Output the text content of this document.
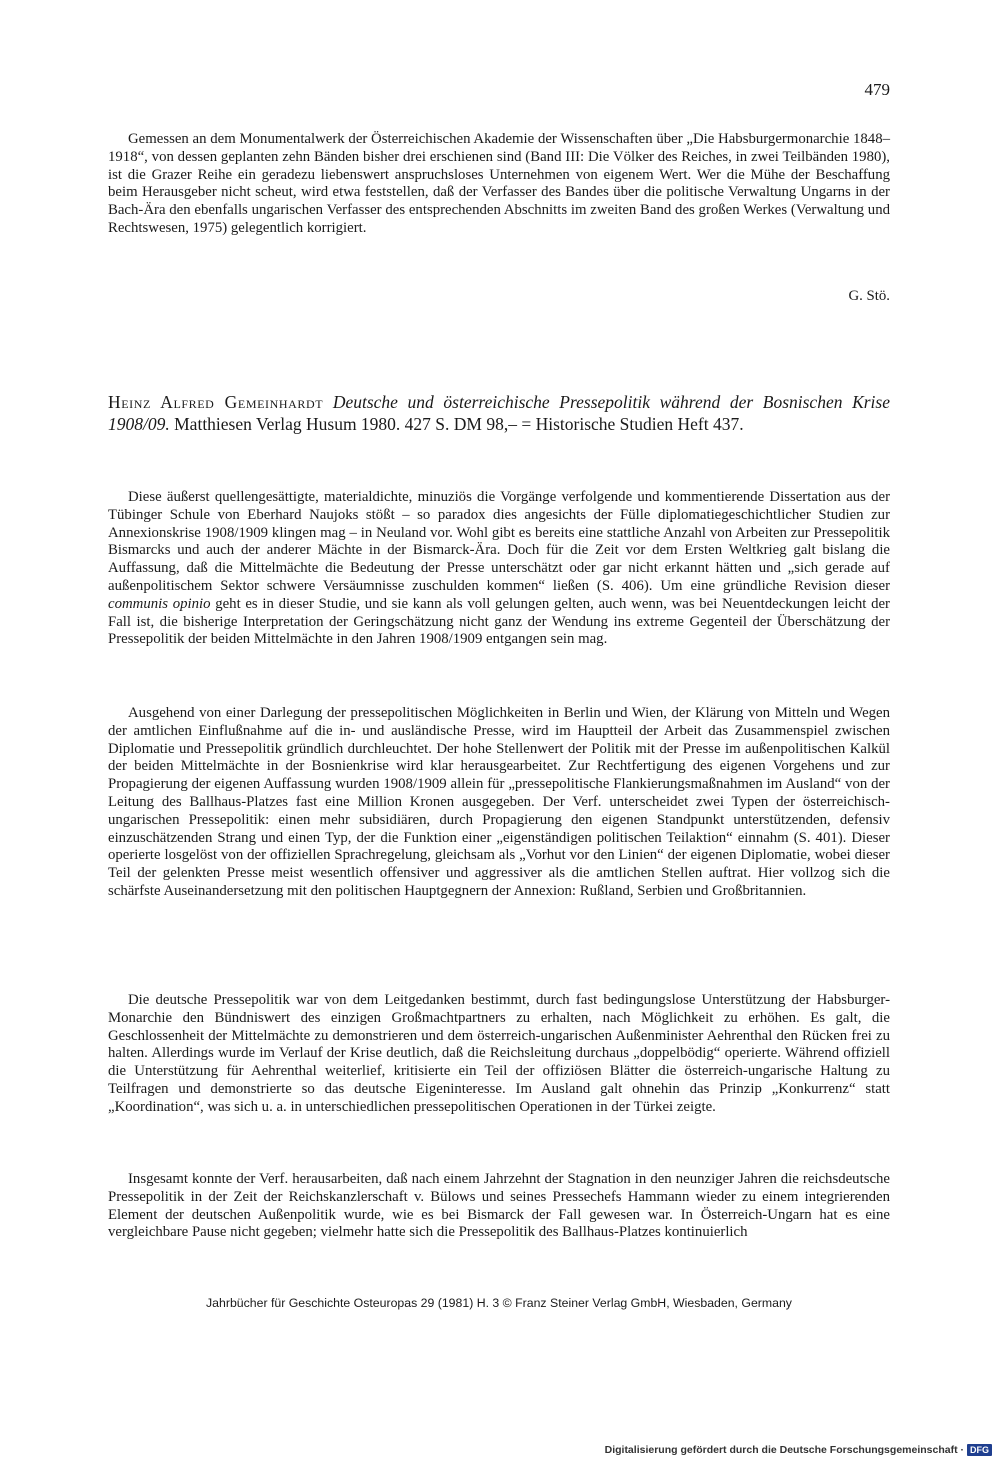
479

Gemessen an dem Monumentalwerk der Österreichischen Akademie der Wissenschaften über „Die Habsburgermonarchie 1848–1918“, von dessen geplanten zehn Bänden bisher drei erschienen sind (Band III: Die Völker des Reiches, in zwei Teilbänden 1980), ist die Grazer Reihe ein geradezu liebenswert anspruchsloses Unternehmen von eigenem Wert. Wer die Mühe der Beschaffung beim Herausgeber nicht scheut, wird etwa feststellen, daß der Verfasser des Bandes über die politische Verwaltung Ungarns in der Bach-Ära den ebenfalls ungarischen Verfasser des entsprechenden Abschnitts im zweiten Band des großen Werkes (Verwaltung und Rechtswesen, 1975) gelegentlich korrigiert.

G. Stö.

Heinz Alfred Gemeinhardt Deutsche und österreichische Pressepolitik während der Bosnischen Krise 1908/09. Matthiesen Verlag Husum 1980. 427 S. DM 98,– = Historische Studien Heft 437.

Diese äußerst quellengesättigte, materialdichte, minuziös die Vorgänge verfolgende und kommentierende Dissertation aus der Tübinger Schule von Eberhard Naujoks stößt – so paradox dies angesichts der Fülle diplomatiegeschichtlicher Studien zur Annexionskrise 1908/1909 klingen mag – in Neuland vor. Wohl gibt es bereits eine stattliche Anzahl von Arbeiten zur Pressepolitik Bismarcks und auch der anderer Mächte in der Bismarck-Ära. Doch für die Zeit vor dem Ersten Weltkrieg galt bislang die Auffassung, daß die Mittelmächte die Bedeutung der Presse unterschätzt oder gar nicht erkannt hätten und „sich gerade auf außenpolitischem Sektor schwere Versäumnisse zuschulden kommen“ ließen (S. 406). Um eine gründliche Revision dieser communis opinio geht es in dieser Studie, und sie kann als voll gelungen gelten, auch wenn, was bei Neuentdeckungen leicht der Fall ist, die bisherige Interpretation der Geringschätzung nicht ganz der Wendung ins extreme Gegenteil der Überschätzung der Pressepolitik der beiden Mittelmächte in den Jahren 1908/1909 entgangen sein mag.

Ausgehend von einer Darlegung der pressepolitischen Möglichkeiten in Berlin und Wien, der Klärung von Mitteln und Wegen der amtlichen Einflußnahme auf die in- und ausländische Presse, wird im Hauptteil der Arbeit das Zusammenspiel zwischen Diplomatie und Pressepolitik gründlich durchleuchtet. Der hohe Stellenwert der Politik mit der Presse im außenpolitischen Kalkül der beiden Mittelmächte in der Bosnienkrise wird klar herausgearbeitet. Zur Rechtfertigung des eigenen Vorgehens und zur Propagierung der eigenen Auffassung wurden 1908/1909 allein für „pressepolitische Flankierungsmaßnahmen im Ausland“ von der Leitung des Ballhaus-Platzes fast eine Million Kronen ausgegeben. Der Verf. unterscheidet zwei Typen der österreichisch-ungarischen Pressepolitik: einen mehr subsidiären, durch Propagierung den eigenen Standpunkt unterstützenden, defensiv einzuschätzenden Strang und einen Typ, der die Funktion einer „eigenständigen politischen Teilaktion“ einnahm (S. 401). Dieser operierte losgelöst von der offiziellen Sprachregelung, gleichsam als „Vorhut vor den Linien“ der eigenen Diplomatie, wobei dieser Teil der gelenkten Presse meist wesentlich offensiver und aggressiver als die amtlichen Stellen auftrat. Hier vollzog sich die schärfste Auseinandersetzung mit den politischen Hauptgegnern der Annexion: Rußland, Serbien und Großbritannien.

Die deutsche Pressepolitik war von dem Leitgedanken bestimmt, durch fast bedingungslose Unterstützung der Habsburger-Monarchie den Bündniswert des einzigen Großmachtpartners zu erhalten, nach Möglichkeit zu erhöhen. Es galt, die Geschlossenheit der Mittelmächte zu demonstrieren und dem österreich-ungarischen Außenminister Aehrenthal den Rücken frei zu halten. Allerdings wurde im Verlauf der Krise deutlich, daß die Reichsleitung durchaus „doppelbödig“ operierte. Während offiziell die Unterstützung für Aehrenthal weiterlief, kritisierte ein Teil der offiziösen Blätter die österreich-ungarische Haltung zu Teilfragen und demonstrierte so das deutsche Eigeninteresse. Im Ausland galt ohnehin das Prinzip „Konkurrenz“ statt „Koordination“, was sich u. a. in unterschiedlichen pressepolitischen Operationen in der Türkei zeigte.

Insgesamt konnte der Verf. herausarbeiten, daß nach einem Jahrzehnt der Stagnation in den neunziger Jahren die reichsdeutsche Pressepolitik in der Zeit der Reichskanzlerschaft v. Bülows und seines Pressechefs Hammann wieder zu einem integrierenden Element der deutschen Außenpolitik wurde, wie es bei Bismarck der Fall gewesen war. In Österreich-Ungarn hat es eine vergleichbare Pause nicht gegeben; vielmehr hatte sich die Pressepolitik des Ballhaus-Platzes kontinuierlich

Jahrbücher für Geschichte Osteuropas 29 (1981) H. 3 © Franz Steiner Verlag GmbH, Wiesbaden, Germany
Digitalisierung gefördert durch die Deutsche Forschungsgemeinschaft · DFG
